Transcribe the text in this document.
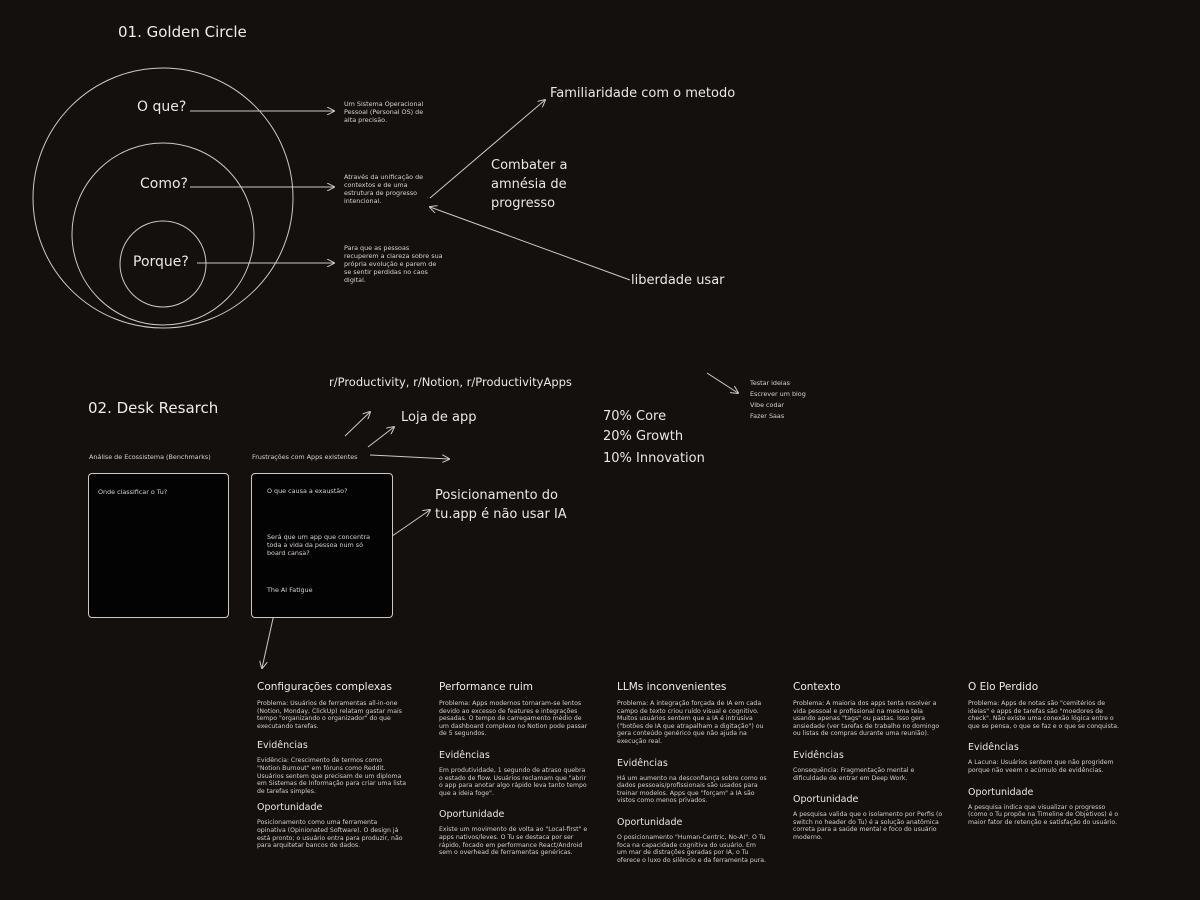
01. Golden Circle
O que?
Como?
Porque?
Um Sistema Operacional Pessoal (Personal OS) de alta precisão.
Através da unificação de contextos e de uma estrutura de progresso intencional.
Para que as pessoas recuperem a clareza sobre sua própria evolução e parem de se sentir perdidas no caos digital.
Familiaridade com o metodo
Combater a
amnésia de
progresso
liberdade usar
02. Desk Resarch
r/Productivity, r/Notion, r/ProductivityApps
Loja de app
Posicionamento do
tu.app é não usar IA
70% Core
20% Growth
10% Innovation
Testar ideias
Escrever um blog
Vibe codar
Fazer Saas
Análise de Ecossistema (Benchmarks)
Onde classificar o Tu?
Frustrações com Apps existentes
O que causa a exaustão?
Será que um app que concentra toda a vida da pessoa num só board cansa?
The AI Fatigue
Configurações complexas
Problema: Usuários de ferramentas all-in-one (Notion, Monday, ClickUp) relatam gastar mais tempo "organizando o organizador" do que executando tarefas.
Evidências
Evidência: Crescimento de termos como "Notion Burnout" em fóruns como Reddit. Usuários sentem que precisam de um diploma em Sistemas de Informação para criar uma lista de tarefas simples.
Oportunidade
Posicionamento como uma ferramenta opinativa (Opinionated Software). O design já está pronto; o usuário entra para produzir, não para arquitetar bancos de dados.
Performance ruim
Problema: Apps modernos tornaram-se lentos devido ao excesso de features e integrações pesadas. O tempo de carregamento médio de um dashboard complexo no Notion pode passar de 5 segundos.
Evidências
Em produtividade, 1 segundo de atraso quebra o estado de flow. Usuários reclamam que "abrir o app para anotar algo rápido leva tanto tempo que a ideia foge".
Oportunidade
Existe um movimento de volta ao "Local-first" e apps nativos/leves. O Tu se destaca por ser rápido, focado em performance React/Android sem o overhead de ferramentas genéricas.
LLMs inconvenientes
Problema: A integração forçada de IA em cada campo de texto criou ruído visual e cognitivo. Muitos usuários sentem que a IA é intrusiva ("botões de IA que atrapalham a digitação") ou gera conteúdo genérico que não ajuda na execução real.
Evidências
Há um aumento na desconfiança sobre como os dados pessoais/profissionais são usados para treinar modelos. Apps que "forçam" a IA são vistos como menos privados.
Oportunidade
O posicionamento "Human-Centric, No-AI". O Tu foca na capacidade cognitiva do usuário. Em um mar de distrações geradas por IA, o Tu oferece o luxo do silêncio e da ferramenta pura.
Contexto
Problema: A maioria dos apps tenta resolver a vida pessoal e profissional na mesma tela usando apenas "tags" ou pastas. Isso gera ansiedade (ver tarefas de trabalho no domingo ou listas de compras durante uma reunião).
Evidências
Consequência: Fragmentação mental e dificuldade de entrar em Deep Work.
Oportunidade
A pesquisa valida que o isolamento por Perfis (o switch no header do Tu) é a solução anatômica correta para a saúde mental e foco do usuário moderno.
O Elo Perdido
Problema: Apps de notas são "cemitérios de ideias" e apps de tarefas são "moedores de check". Não existe uma conexão lógica entre o que se pensa, o que se faz e o que se conquista.
Evidências
A Lacuna: Usuários sentem que não progridem porque não veem o acúmulo de evidências.
Oportunidade
A pesquisa indica que visualizar o progresso (como o Tu propõe na Timeline de Objetivos) é o maior fator de retenção e satisfação do usuário.
